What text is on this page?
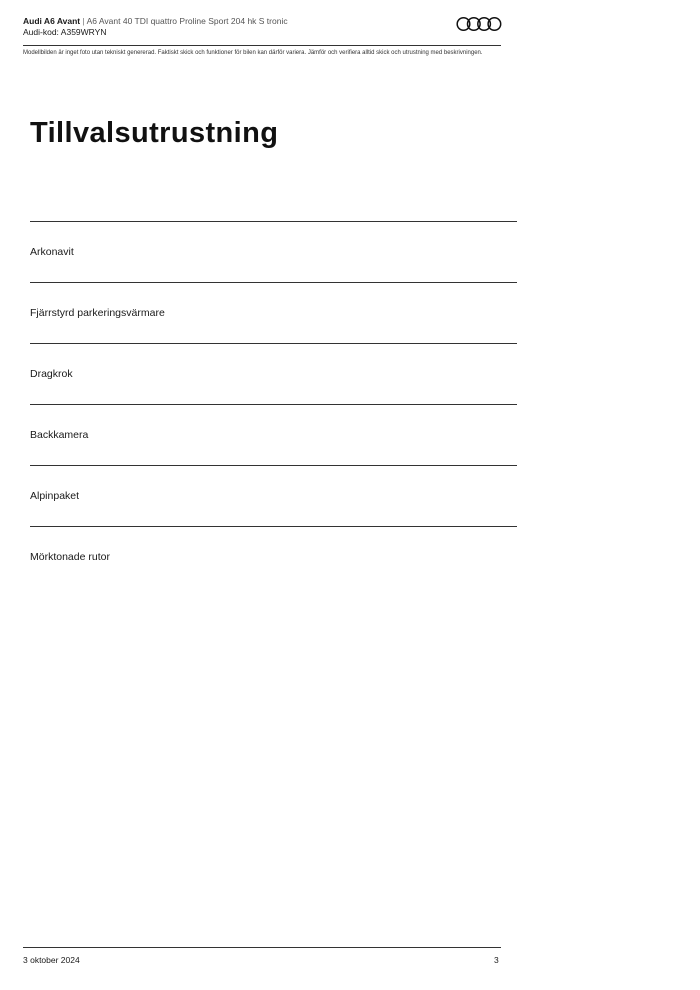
Audi A6 Avant | A6 Avant 40 TDI quattro Proline Sport 204 hk S tronic
Audi-kod: A359WRYN
Modellbilden är inget foto utan tekniskt genererad. Faktiskt skick och funktioner för bilen kan därför variera. Jämför och verifiera alltid skick och utrustning med beskrivningen.
Tillvalsutrustning
Arkonavit
Fjärrstyrd parkeringsvärmare
Dragkrok
Backkamera
Alpinpaket
Mörktonade rutor
3 oktober 2024	3
